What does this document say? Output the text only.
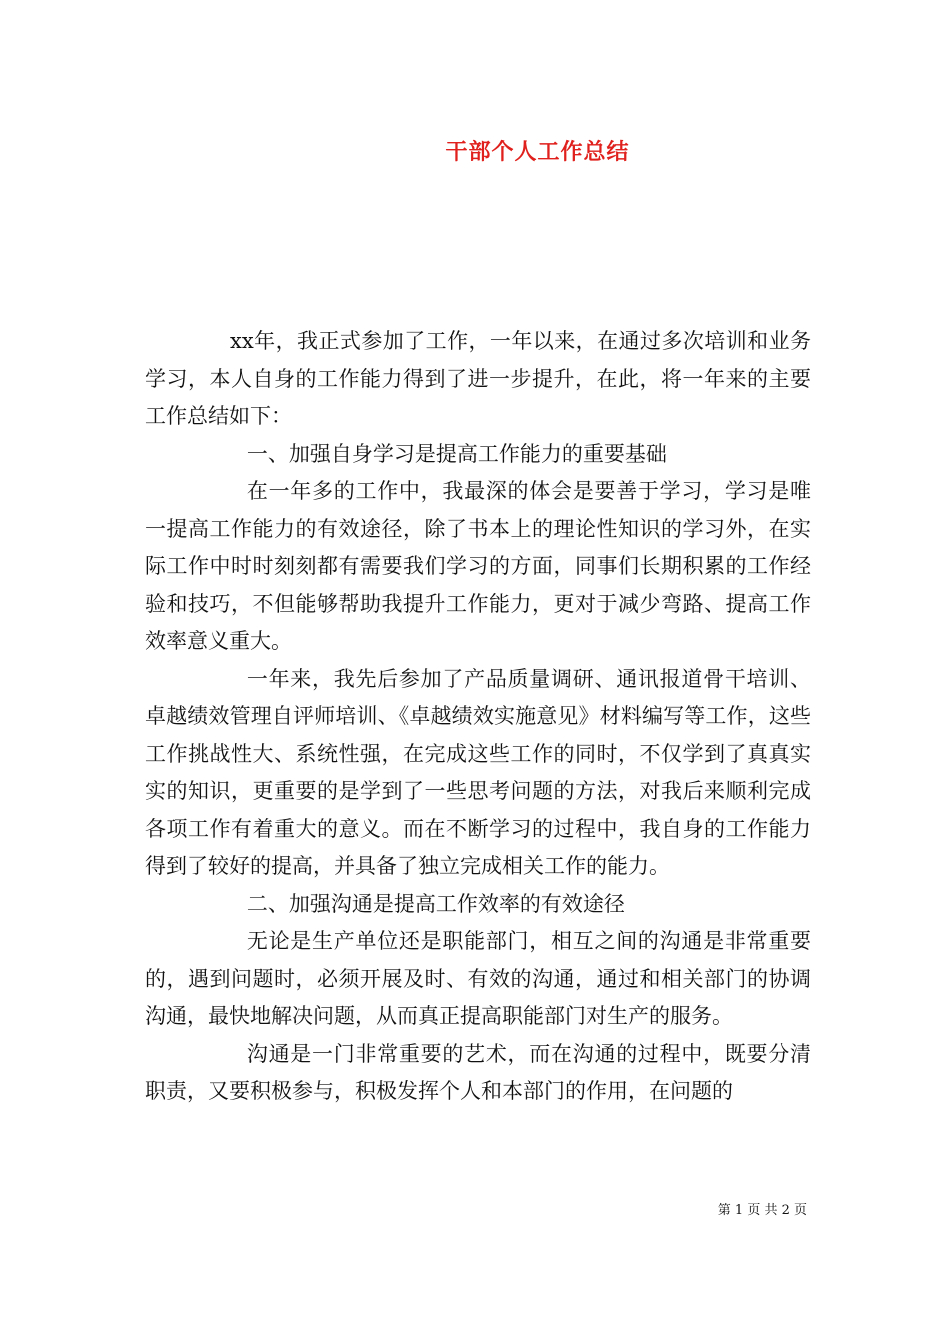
干部个人工作总结

xx年，我正式参加了工作，一年以来，在通过多次培训和业务学习，本人自身的工作能力得到了进一步提升，在此，将一年来的主要工作总结如下：

一、加强自身学习是提高工作能力的重要基础

在一年多的工作中，我最深的体会是要善于学习，学习是唯一提高工作能力的有效途径，除了书本上的理论性知识的学习外，在实际工作中时时刻刻都有需要我们学习的方面，同事们长期积累的工作经验和技巧，不但能够帮助我提升工作能力，更对于减少弯路、提高工作效率意义重大。

一年来，我先后参加了产品质量调研、通讯报道骨干培训、卓越绩效管理自评师培训、《卓越绩效实施意见》材料编写等工作，这些工作挑战性大、系统性强，在完成这些工作的同时，不仅学到了真真实实的知识，更重要的是学到了一些思考问题的方法，对我后来顺利完成各项工作有着重大的意义。而在不断学习的过程中，我自身的工作能力得到了较好的提高，并具备了独立完成相关工作的能力。

二、加强沟通是提高工作效率的有效途径

无论是生产单位还是职能部门，相互之间的沟通是非常重要的，遇到问题时，必须开展及时、有效的沟通，通过和相关部门的协调沟通，最快地解决问题，从而真正提高职能部门对生产的服务。

沟通是一门非常重要的艺术，而在沟通的过程中，既要分清职责，又要积极参与，积极发挥个人和本部门的作用，在问题的

第 1 页 共 2 页
